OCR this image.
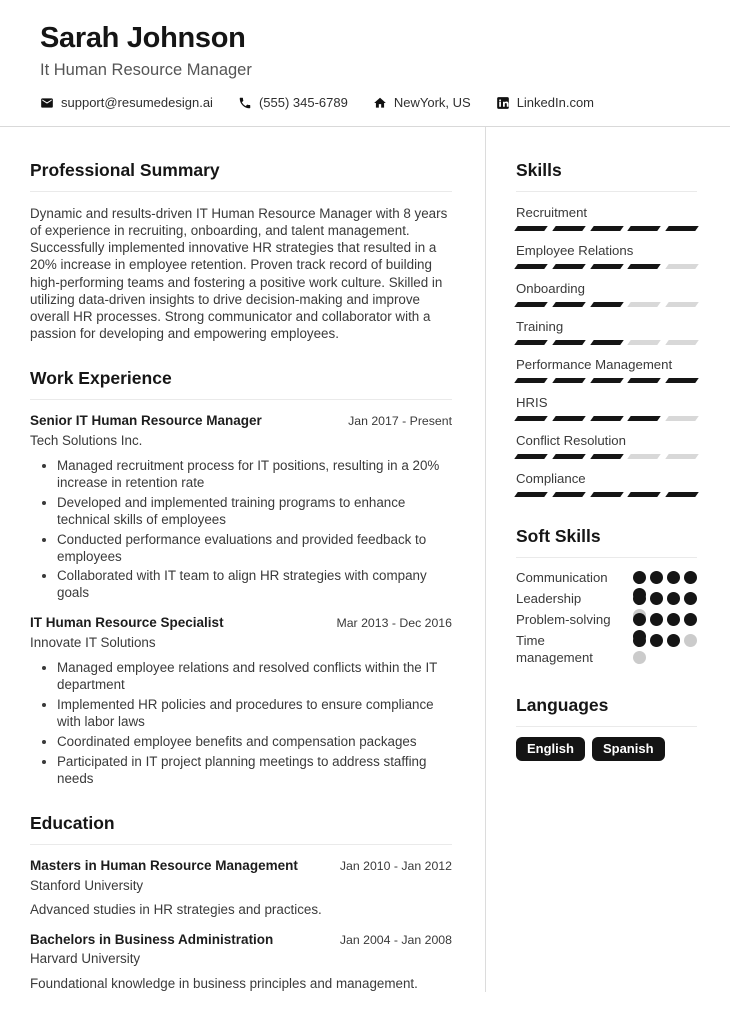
Sarah Johnson
It Human Resource Manager
support@resumedesign.ai	(555) 345-6789	NewYork, US	LinkedIn.com
Professional Summary

Dynamic and results-driven IT Human Resource Manager with 8 years of experience in recruiting, onboarding, and talent management. Successfully implemented innovative HR strategies that resulted in a 20% increase in employee retention. Proven track record of building high-performing teams and fostering a positive work culture. Skilled in utilizing data-driven insights to drive decision-making and improve overall HR processes. Strong communicator and collaborator with a passion for developing and empowering employees.

Work Experience
Senior IT Human Resource Manager	Jan 2017 - Present
Tech Solutions Inc.
• Managed recruitment process for IT positions, resulting in a 20% increase in retention rate
• Developed and implemented training programs to enhance technical skills of employees
• Conducted performance evaluations and provided feedback to employees
• Collaborated with IT team to align HR strategies with company goals
IT Human Resource Specialist	Mar 2013 - Dec 2016
Innovate IT Solutions
• Managed employee relations and resolved conflicts within the IT department
• Implemented HR policies and procedures to ensure compliance with labor laws
• Coordinated employee benefits and compensation packages
• Participated in IT project planning meetings to address staffing needs
Education
Masters in Human Resource Management	Jan 2010 - Jan 2012
Stanford University
Advanced studies in HR strategies and practices.
Bachelors in Business Administration	Jan 2004 - Jan 2008
Harvard University
Foundational knowledge in business principles and management.
Skills
Recruitment
Employee Relations
Onboarding
Training
Performance Management
HRIS
Conflict Resolution
Compliance
Soft Skills
Communication
Leadership
Problem-solving
Time management
Languages
English	Spanish
